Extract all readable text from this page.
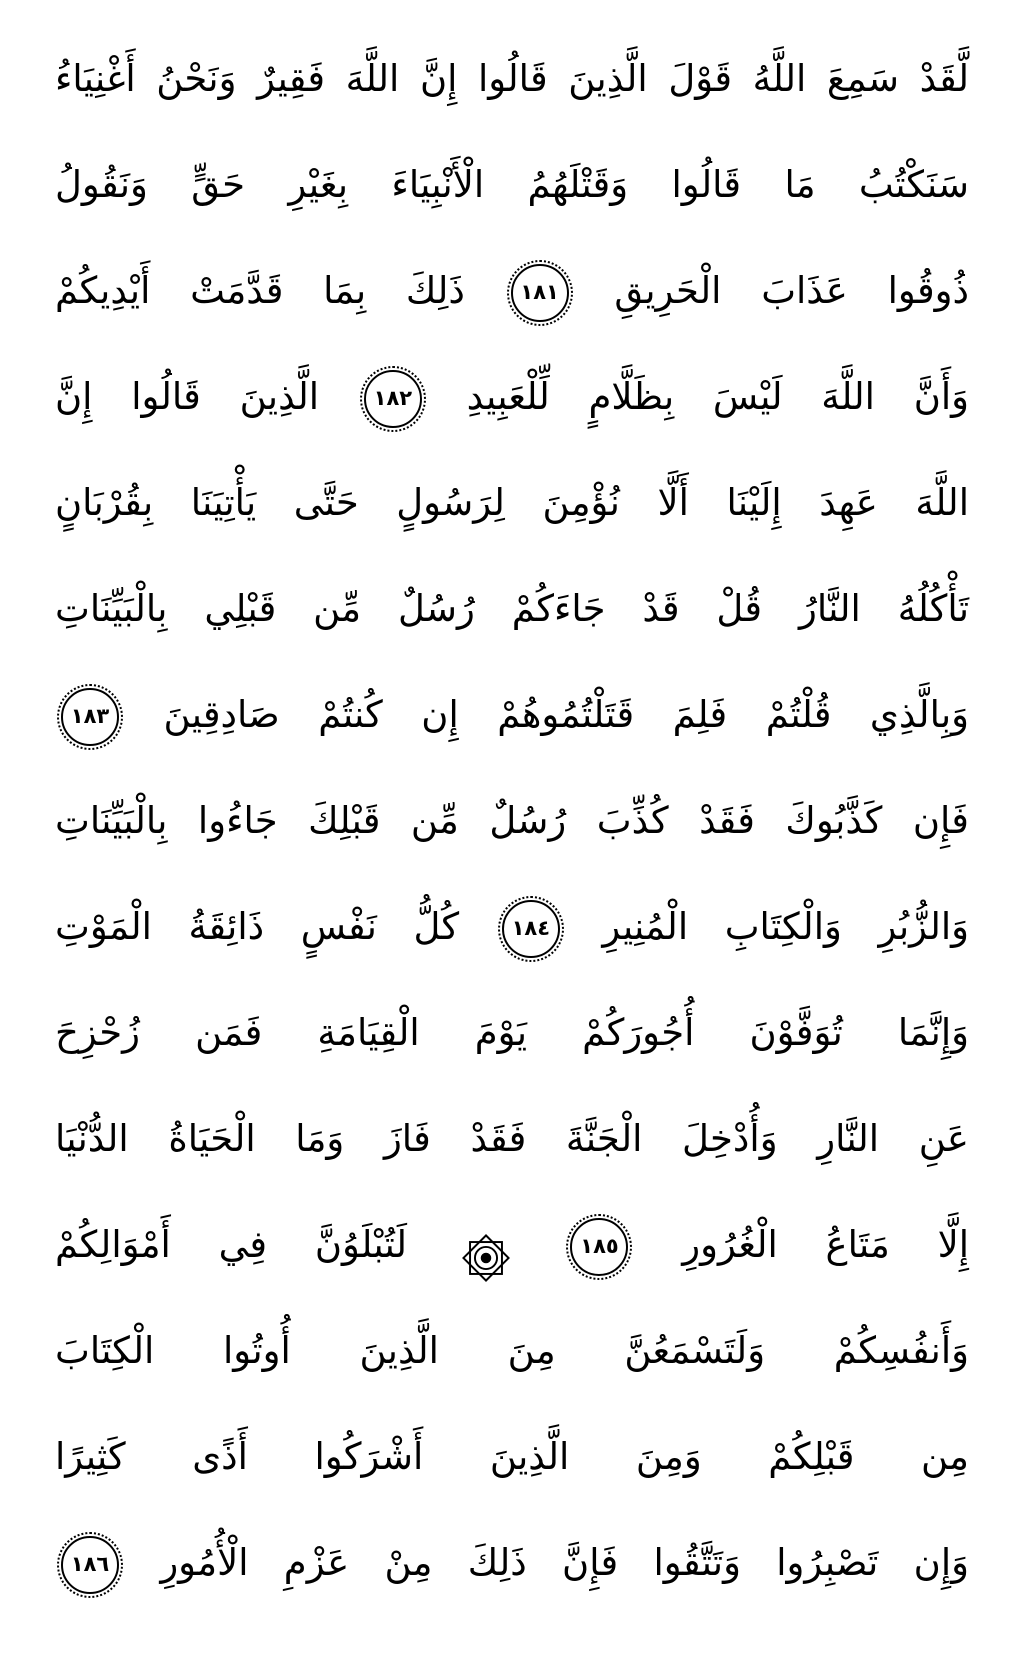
لَّقَدْ سَمِعَ اللَّهُ قَوْلَ الَّذِينَ قَالُوا إِنَّ اللَّهَ فَقِيرٌ وَنَحْنُ أَغْنِيَاءُ
سَنَكْتُبُ مَا قَالُوا وَقَتْلَهُمُ الْأَنْبِيَاءَ بِغَيْرِ حَقٍّ وَنَقُولُ
ذُوقُوا عَذَابَ الْحَرِيقِ
١٨١
ذَلِكَ بِمَا قَدَّمَتْ أَيْدِيكُمْ
وَأَنَّ اللَّهَ لَيْسَ بِظَلَّامٍ لِّلْعَبِيدِ
١٨٢
الَّذِينَ قَالُوا إِنَّ
اللَّهَ عَهِدَ إِلَيْنَا أَلَّا نُؤْمِنَ لِرَسُولٍ حَتَّى يَأْتِيَنَا بِقُرْبَانٍ
تَأْكُلُهُ النَّارُ قُلْ قَدْ جَاءَكُمْ رُسُلٌ مِّن قَبْلِي بِالْبَيِّنَاتِ
وَبِالَّذِي قُلْتُمْ فَلِمَ قَتَلْتُمُوهُمْ إِن كُنتُمْ صَادِقِينَ
١٨٣
فَإِن كَذَّبُوكَ فَقَدْ كُذِّبَ رُسُلٌ مِّن قَبْلِكَ جَاءُوا بِالْبَيِّنَاتِ
وَالزُّبُرِ وَالْكِتَابِ الْمُنِيرِ
١٨٤
كُلُّ نَفْسٍ ذَائِقَةُ الْمَوْتِ
وَإِنَّمَا تُوَفَّوْنَ أُجُورَكُمْ يَوْمَ الْقِيَامَةِ فَمَن زُحْزِحَ
عَنِ النَّارِ وَأُدْخِلَ الْجَنَّةَ فَقَدْ فَازَ وَمَا الْحَيَاةُ الدُّنْيَا
إِلَّا مَتَاعُ الْغُرُورِ
١٨٥
لَتُبْلَوُنَّ فِي أَمْوَالِكُمْ
وَأَنفُسِكُمْ وَلَتَسْمَعُنَّ مِنَ الَّذِينَ أُوتُوا الْكِتَابَ
مِن قَبْلِكُمْ وَمِنَ الَّذِينَ أَشْرَكُوا أَذًى كَثِيرًا
وَإِن تَصْبِرُوا وَتَتَّقُوا فَإِنَّ ذَلِكَ مِنْ عَزْمِ الْأُمُورِ
١٨٦
